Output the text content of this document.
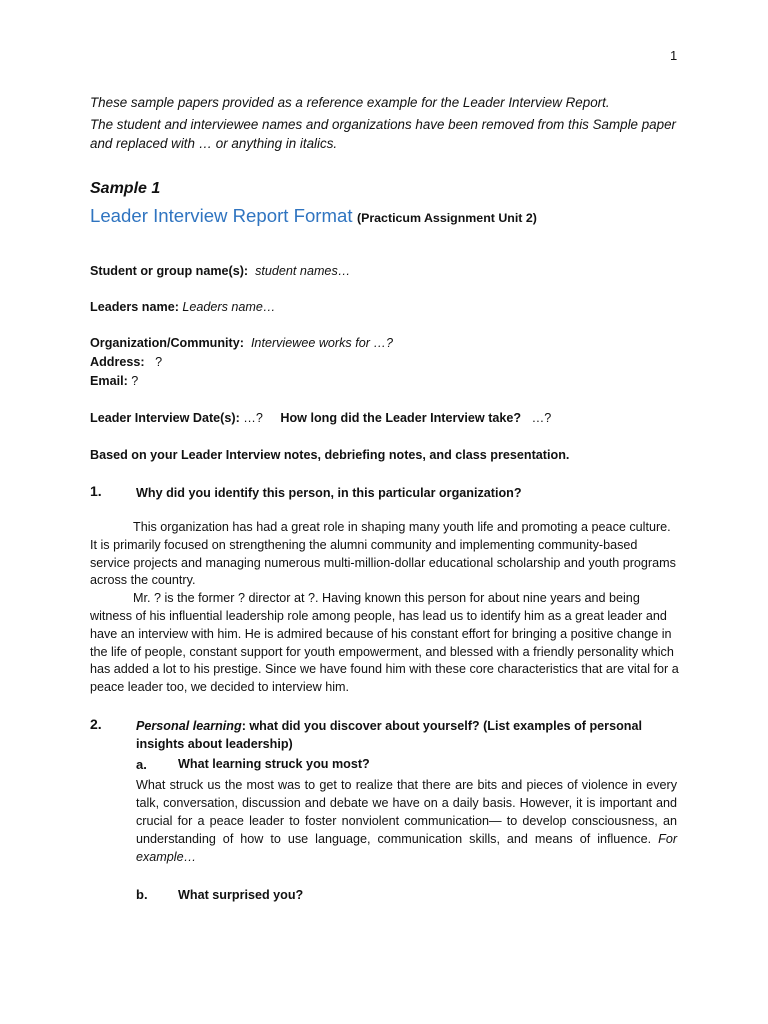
1
These sample papers provided as a reference example for the Leader Interview Report.
The student and interviewee names and organizations have been removed from this Sample paper and replaced with … or anything in italics.
Sample 1
Leader Interview Report Format (Practicum Assignment Unit 2)
Student or group name(s): student names…
Leaders name: Leaders name…
Organization/Community: Interviewee works for …?
Address: ?
Email: ?
Leader Interview Date(s): …? How long did the Leader Interview take? …?
Based on your Leader Interview notes, debriefing notes, and class presentation.
1.	Why did you identify this person, in this particular organization?

This organization has had a great role in shaping many youth life and promoting a peace culture. It is primarily focused on strengthening the alumni community and implementing community-based service projects and managing numerous multi-million-dollar educational scholarship and youth programs across the country.

Mr. ? is the former ? director at ?. Having known this person for about nine years and being witness of his influential leadership role among people, has lead us to identify him as a great leader and have an interview with him. He is admired because of his constant effort for bringing a positive change in the life of people, constant support for youth empowerment, and blessed with a friendly personality which has added a lot to his prestige. Since we have found him with these core characteristics that are vital for a peace leader too, we decided to interview him.

2.	Personal learning: what did you discover about yourself? (List examples of personal insights about leadership)
a. What learning struck you most?
What struck us the most was to get to realize that there are bits and pieces of violence in every talk, conversation, discussion and debate we have on a daily basis. However, it is important and crucial for a peace leader to foster nonviolent communication— to develop consciousness, an understanding of how to use language, communication skills, and means of influence. For example…
b. What surprised you?
